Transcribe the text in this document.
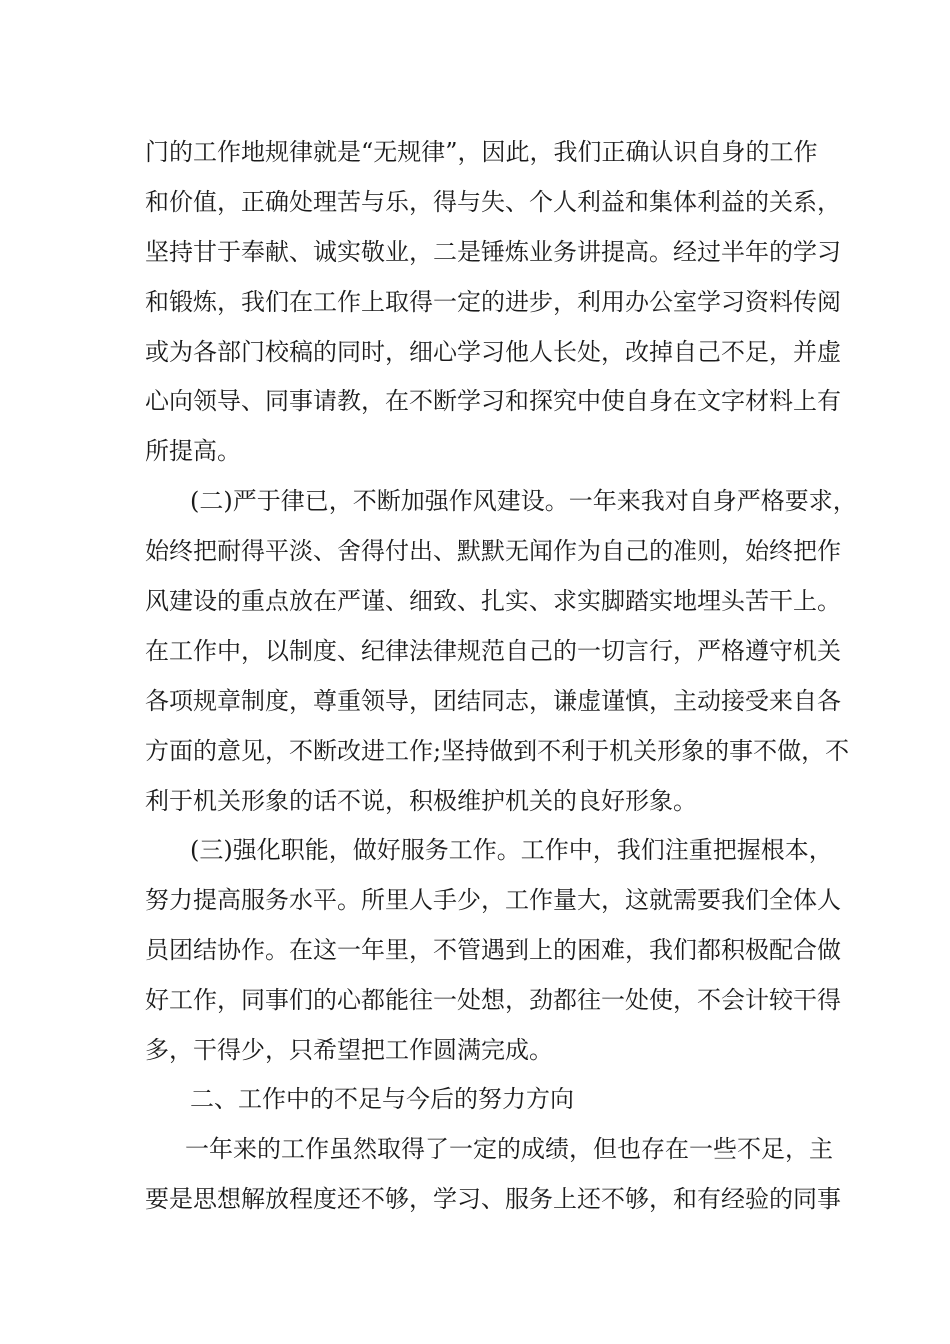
门的工作地规律就是“无规律”，因此，我们正确认识自身的工作
和价值，正确处理苦与乐，得与失、个人利益和集体利益的关系，
坚持甘于奉献、诚实敬业，二是锤炼业务讲提高。经过半年的学习
和锻炼，我们在工作上取得一定的进步，利用办公室学习资料传阅
或为各部门校稿的同时，细心学习他人长处，改掉自己不足，并虚
心向领导、同事请教，在不断学习和探究中使自身在文字材料上有
所提高。
(二)严于律已，不断加强作风建设。一年来我对自身严格要求，
始终把耐得平淡、舍得付出、默默无闻作为自己的准则，始终把作
风建设的重点放在严谨、细致、扎实、求实脚踏实地埋头苦干上。
在工作中，以制度、纪律法律规范自己的一切言行，严格遵守机关
各项规章制度，尊重领导，团结同志，谦虚谨慎，主动接受来自各
方面的意见，不断改进工作;坚持做到不利于机关形象的事不做，不
利于机关形象的话不说，积极维护机关的良好形象。
(三)强化职能，做好服务工作。工作中，我们注重把握根本，
努力提高服务水平。所里人手少，工作量大，这就需要我们全体人
员团结协作。在这一年里，不管遇到上的困难，我们都积极配合做
好工作，同事们的心都能往一处想，劲都往一处使，不会计较干得
多，干得少，只希望把工作圆满完成。
二、工作中的不足与今后的努力方向
一年来的工作虽然取得了一定的成绩，但也存在一些不足，主
要是思想解放程度还不够，学习、服务上还不够，和有经验的同事
